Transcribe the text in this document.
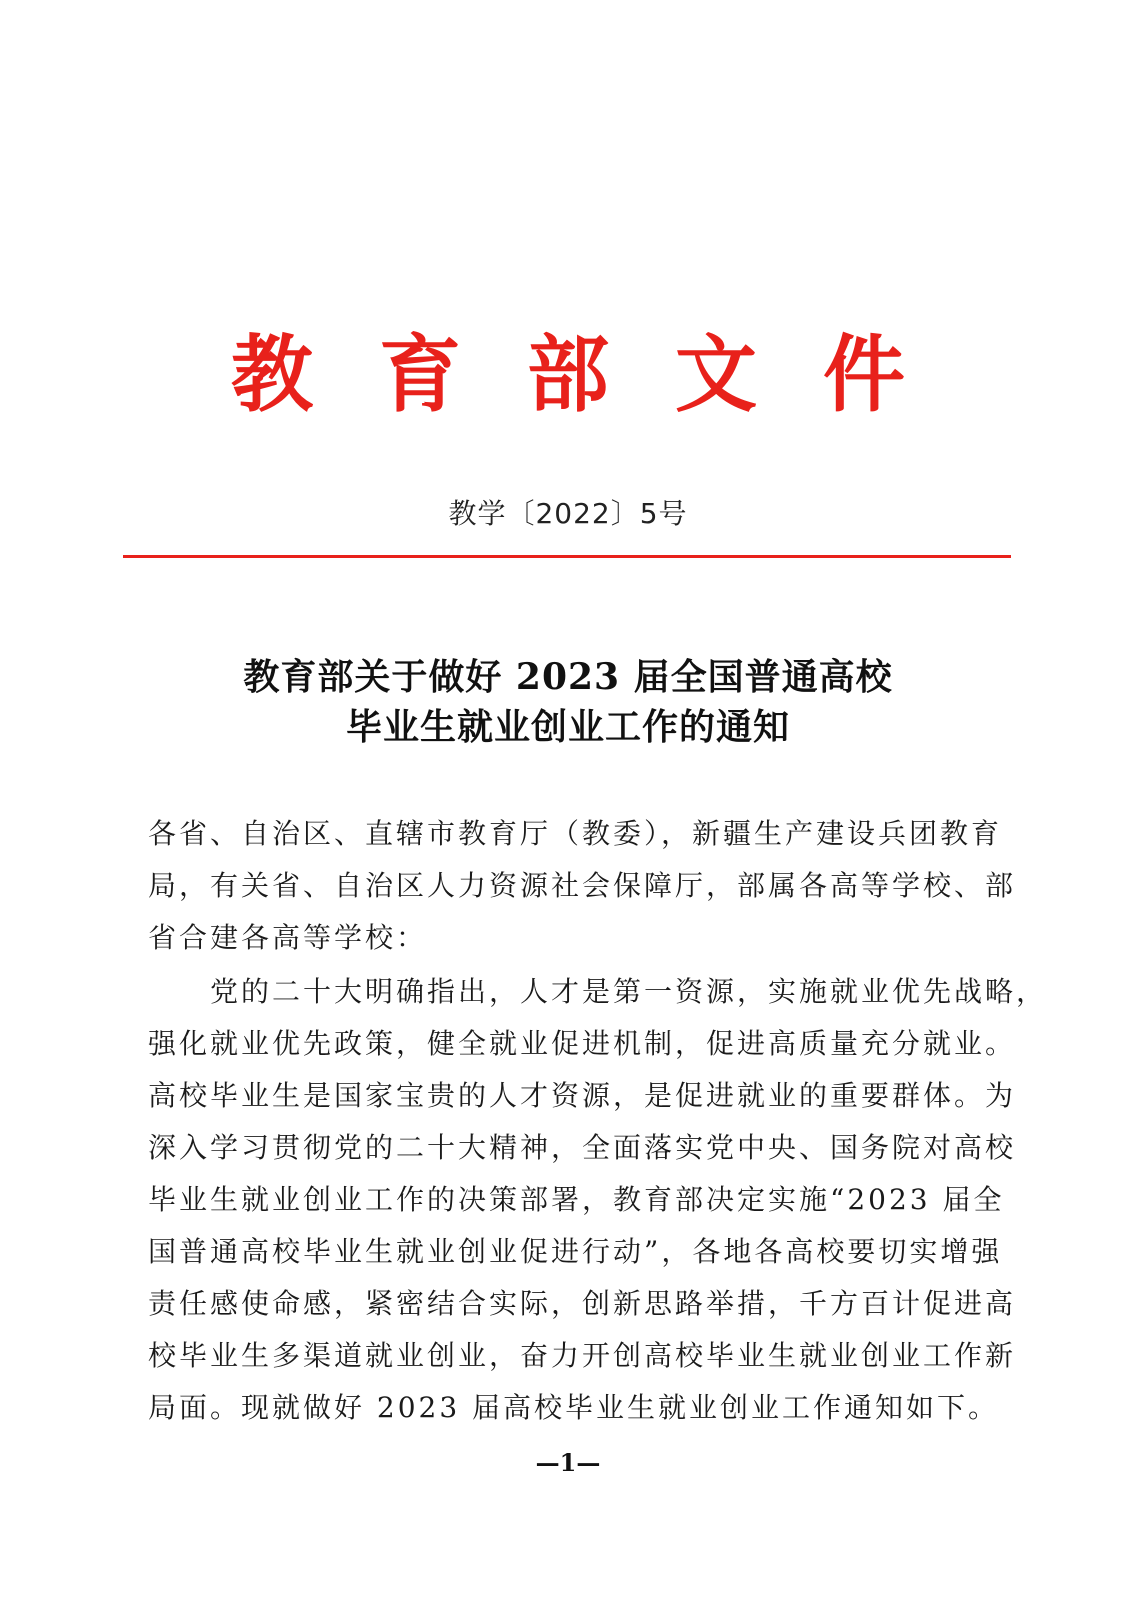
教 育 部 文 件
教学〔2022〕5号
教育部关于做好 2023 届全国普通高校
毕业生就业创业工作的通知
各省、自治区、直辖市教育厅（教委），新疆生产建设兵团教育
局，有关省、自治区人力资源社会保障厅，部属各高等学校、部
省合建各高等学校：
　　党的二十大明确指出，人才是第一资源，实施就业优先战略，
强化就业优先政策，健全就业促进机制，促进高质量充分就业。
高校毕业生是国家宝贵的人才资源，是促进就业的重要群体。为
深入学习贯彻党的二十大精神，全面落实党中央、国务院对高校
毕业生就业创业工作的决策部署，教育部决定实施“2023 届全
国普通高校毕业生就业创业促进行动”，各地各高校要切实增强
责任感使命感，紧密结合实际，创新思路举措，千方百计促进高
校毕业生多渠道就业创业，奋力开创高校毕业生就业创业工作新
局面。现就做好 2023 届高校毕业生就业创业工作通知如下。
—1—
